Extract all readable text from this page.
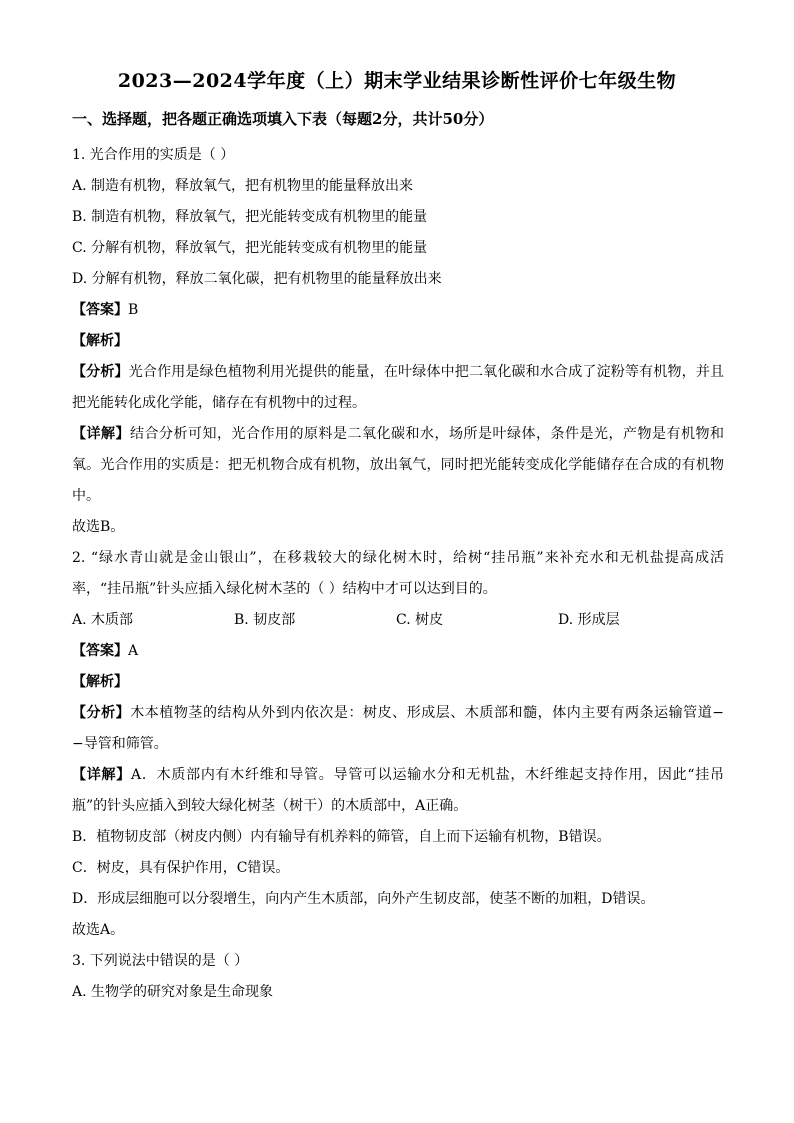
2023—2024学年度（上）期末学业结果诊断性评价七年级生物
一、选择题，把各题正确选项填入下表（每题2分，共计50分）

1. 光合作用的实质是（ ）

A. 制造有机物，释放氧气，把有机物里的能量释放出来

B. 制造有机物，释放氧气，把光能转变成有机物里的能量

C. 分解有机物，释放氧气，把光能转变成有机物里的能量

D. 分解有机物，释放二氧化碳，把有机物里的能量释放出来

【答案】B

【解析】

【分析】光合作用是绿色植物利用光提供的能量，在叶绿体中把二氧化碳和水合成了淀粉等有机物，并且把光能转化成化学能，储存在有机物中的过程。

【详解】结合分析可知，光合作用的原料是二氧化碳和水，场所是叶绿体，条件是光，产物是有机物和氧。光合作用的实质是：把无机物合成有机物，放出氧气，同时把光能转变成化学能储存在合成的有机物中。

故选B。

2. “绿水青山就是金山银山”，在移栽较大的绿化树木时，给树“挂吊瓶”来补充水和无机盐提高成活率，“挂吊瓶”针头应插入绿化树木茎的（ ）结构中才可以达到目的。

A. 木质部	B. 韧皮部	C. 树皮	D. 形成层

【答案】A

【解析】

【分析】木本植物茎的结构从外到内依次是：树皮、形成层、木质部和髓，体内主要有两条运输管道−−导管和筛管。

【详解】A．木质部内有木纤维和导管。导管可以运输水分和无机盐，木纤维起支持作用，因此“挂吊瓶”的针头应插入到较大绿化树茎（树干）的木质部中，A正确。

B．植物韧皮部（树皮内侧）内有输导有机养料的筛管，自上而下运输有机物，B错误。

C．树皮，具有保护作用，C错误。

D．形成层细胞可以分裂增生，向内产生木质部，向外产生韧皮部，使茎不断的加粗，D错误。

故选A。

3. 下列说法中错误的是（ ）

A. 生物学的研究对象是生命现象
